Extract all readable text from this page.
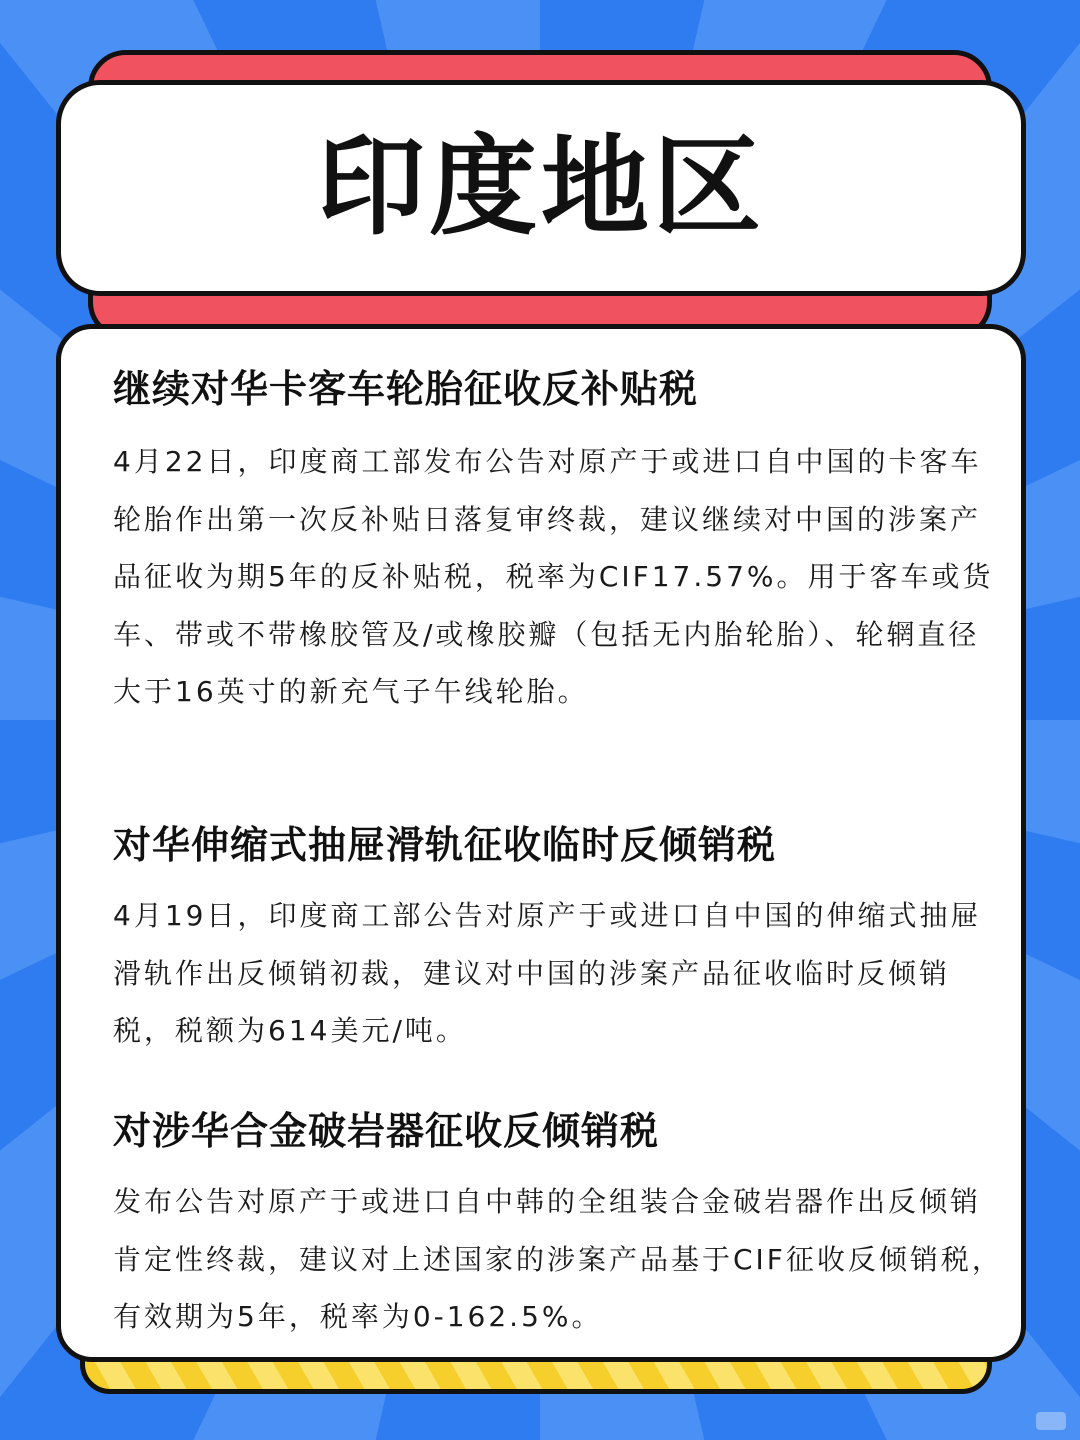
印度地区
继续对华卡客车轮胎征收反补贴税

4月22日，印度商工部发布公告对原产于或进口自中国的卡客车轮胎作出第一次反补贴日落复审终裁，建议继续对中国的涉案产品征收为期5年的反补贴税，税率为CIF17.57%。用于客车或货车、带或不带橡胶管及/或橡胶瓣（包括无内胎轮胎）、轮辋直径大于16英寸的新充气子午线轮胎。

对华伸缩式抽屉滑轨征收临时反倾销税

4月19日，印度商工部公告对原产于或进口自中国的伸缩式抽屉滑轨作出反倾销初裁，建议对中国的涉案产品征收临时反倾销税，税额为614美元/吨。

对涉华合金破岩器征收反倾销税

发布公告对原产于或进口自中韩的全组装合金破岩器作出反倾销肯定性终裁，建议对上述国家的涉案产品基于CIF征收反倾销税，有效期为5年，税率为0-162.5%。
